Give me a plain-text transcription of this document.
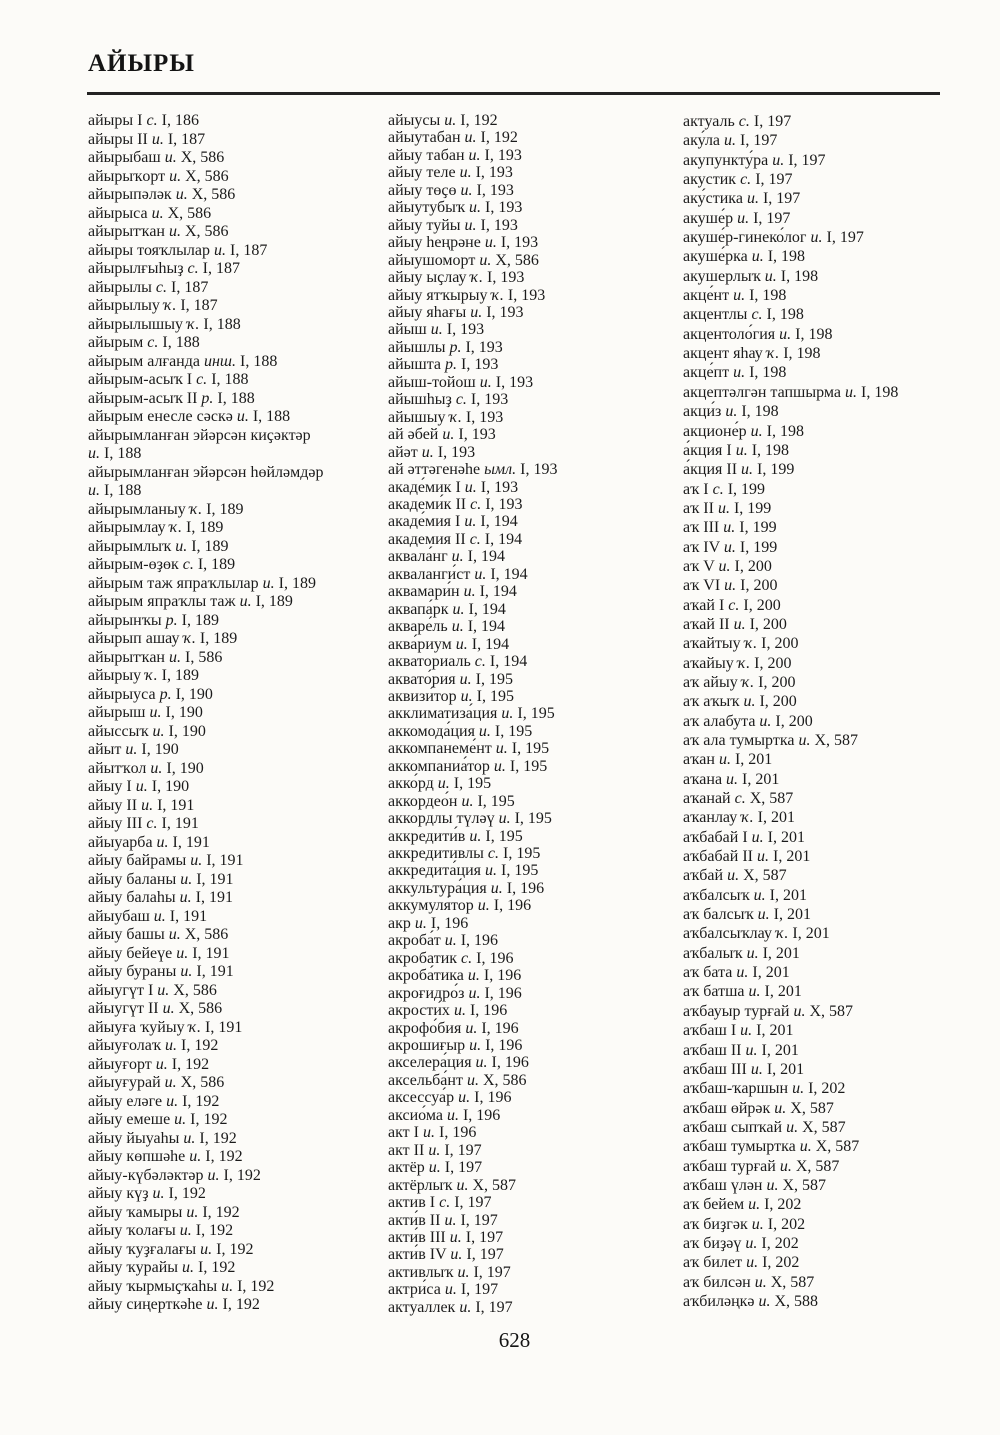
АЙЫРЫ
айыры I с. I, 186
айыры II и. I, 187
айырыбаш и. X, 586
айырыҡорт и. X, 586
айырыпәләк и. X, 586
айырыса и. X, 586
айырытҡан и. X, 586
айыры тояҡлылар и. I, 187
айырылғыһыҙ с. I, 187
айырылы с. I, 187
айырылыу ҡ. I, 187
айырылышыу ҡ. I, 188
айырым с. I, 188
айырым алғанда инш. I, 188
айырым-асыҡ I с. I, 188
айырым-асыҡ II р. I, 188
айырым енесле сәскә и. I, 188
айырымланған эйәрсән киҫәктәр
и. I, 188
айырымланған эйәрсән һөйләмдәр
и. I, 188
айырымланыу ҡ. I, 189
айырымлау ҡ. I, 189
айырымлыҡ и. I, 189
айырым-өҙөк с. I, 189
айырым таж япраҡлылар и. I, 189
айырым япраҡлы таж и. I, 189
айырынҡы р. I, 189
айырып ашау ҡ. I, 189
айырытҡан и. I, 586
айырыу ҡ. I, 189
айырыуса р. I, 190
айырыш и. I, 190
айыссыҡ и. I, 190
айыт и. I, 190
айытҡол и. I, 190
айыу I и. I, 190
айыу II и. I, 191
айыу III с. I, 191
айыуарба и. I, 191
айыу байрамы и. I, 191
айыу баланы и. I, 191
айыу балаһы и. I, 191
айыубаш и. I, 191
айыу башы и. X, 586
айыу бейеүе и. I, 191
айыу бураны и. I, 191
айыугүт I и. X, 586
айыугүт II и. X, 586
айыуға ҡуйыу ҡ. I, 191
айыуғолаҡ и. I, 192
айыуғорт и. I, 192
айыуғурай и. X, 586
айыу еләге и. I, 192
айыу емеше и. I, 192
айыу йыуаһы и. I, 192
айыу көпшәһе и. I, 192
айыу-күбәләктәр и. I, 192
айыу күҙ и. I, 192
айыу ҡамыры и. I, 192
айыу ҡолағы и. I, 192
айыу ҡуҙғалағы и. I, 192
айыу ҡурайы и. I, 192
айыу ҡырмыҫҡаһы и. I, 192
айыу сиңерткәһе и. I, 192
айыусы и. I, 192
айыутабан и. I, 192
айыу табан и. I, 193
айыу теле и. I, 193
айыу төҫө и. I, 193
айыутубыҡ и. I, 193
айыу туйы и. I, 193
айыу һеңрәне и. I, 193
айыушоморт и. X, 586
айыу ыҫлау ҡ. I, 193
айыу ятҡырыу ҡ. I, 193
айыу яһағы и. I, 193
айыш и. I, 193
айышлы р. I, 193
айышта р. I, 193
айыш-тойош и. I, 193
айышһыҙ с. I, 193
айышыу ҡ. I, 193
ай әбей и. I, 193
айәт и. I, 193
ай әттәгенәһе ымл. I, 193
акаде́мик I и. I, 193
академи́к II с. I, 193
акаде́мия I и. I, 194
академия II с. I, 194
аквала́нг и. I, 194
акваланги́ст и. I, 194
аквамари́н и. I, 194
аквапа́рк и. I, 194
акваре́ль и. I, 194
аква́риум и. I, 194
акваториаль с. I, 194
аквато́рия и. I, 195
аквизи́тор и. I, 195
акклиматиза́ция и. I, 195
аккомода́ция и. I, 195
аккомпанеме́нт и. I, 195
аккомпаниа́тор и. I, 195
акко́рд и. I, 195
аккордео́н и. I, 195
аккордлы түләү и. I, 195
аккредити́в и. I, 195
аккредитивлы с. I, 195
аккредита́ция и. I, 195
аккультура́ция и. I, 196
аккумуля́тор и. I, 196
акр и. I, 196
акроба́т и. I, 196
акробатик с. I, 196
акроба́тика и. I, 196
акроғидро́з и. I, 196
акрости́х и. I, 196
акрофо́бия и. I, 196
акрошиғыр и. I, 196
акселера́ция и. I, 196
аксельба́нт и. X, 586
аксессуа́р и. I, 196
аксио́ма и. I, 196
акт I и. I, 196
акт II и. I, 197
актёр и. I, 197
актёрлыҡ и. X, 587
актив I с. I, 197
акти́в II и. I, 197
акти́в III и. I, 197
акти́в IV и. I, 197
активлыҡ и. I, 197
актри́са и. I, 197
актуаллек и. I, 197
актуаль с. I, 197
аку́ла и. I, 197
акупункту́ра и. I, 197
акустик с. I, 197
аку́стика и. I, 197
акуше́р и. I, 197
акуше́р-гинеко́лог и. I, 197
акуше́рка и. I, 198
акушерлыҡ и. I, 198
акце́нт и. I, 198
акцентлы с. I, 198
акцентоло́гия и. I, 198
акцент яһау ҡ. I, 198
акце́пт и. I, 198
акцептәлгән тапшырма и. I, 198
акци́з и. I, 198
акционе́р и. I, 198
а́кция I и. I, 198
а́кция II и. I, 199
аҡ I с. I, 199
аҡ II и. I, 199
аҡ III и. I, 199
аҡ IV и. I, 199
аҡ V и. I, 200
аҡ VI и. I, 200
аҡай I с. I, 200
аҡай II и. I, 200
аҡайтыу ҡ. I, 200
аҡайыу ҡ. I, 200
аҡ айыу ҡ. I, 200
аҡ аҡыҡ и. I, 200
аҡ алабута и. I, 200
аҡ ала тумыртка и. X, 587
аҡан и. I, 201
аҡана и. I, 201
аҡанай с. X, 587
аҡанлау ҡ. I, 201
аҡбабай I и. I, 201
аҡбабай II и. I, 201
аҡбай и. X, 587
аҡбалсыҡ и. I, 201
аҡ балсыҡ и. I, 201
аҡбалсыҡлау ҡ. I, 201
аҡбалыҡ и. I, 201
аҡ бата и. I, 201
аҡ батша и. I, 201
аҡбауыр турғай и. X, 587
аҡбаш I и. I, 201
аҡбаш II и. I, 201
аҡбаш III и. I, 201
аҡбаш-ҡаршын и. I, 202
аҡбаш өйрәк и. X, 587
аҡбаш сыпҡай и. X, 587
аҡбаш тумыртка и. X, 587
аҡбаш турғай и. X, 587
аҡбаш үлән и. X, 587
аҡ бейем и. I, 202
аҡ биҙгәк и. I, 202
аҡ биҙәү и. I, 202
аҡ билет и. I, 202
аҡ билсән и. X, 587
аҡбиләңкә и. X, 588
628
